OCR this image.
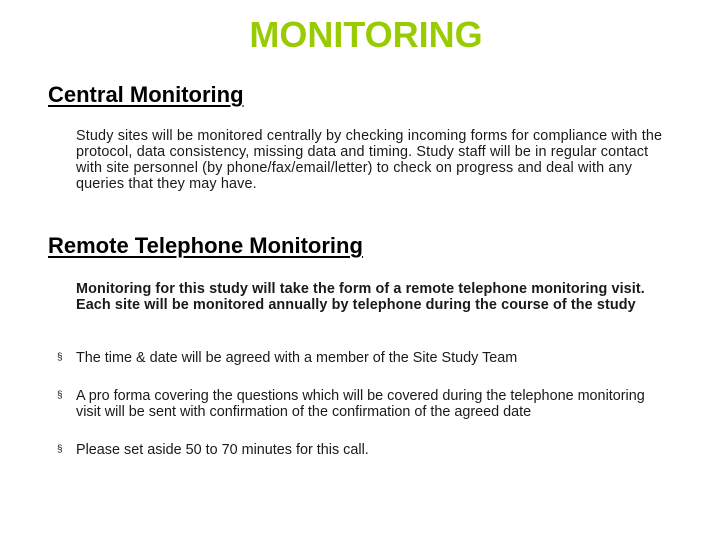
MONITORING
Central Monitoring

Study sites will be monitored centrally by checking incoming forms for compliance with the protocol, data consistency, missing data and timing. Study staff will be in regular contact with site personnel (by phone/fax/email/letter) to check on progress and deal with any queries that they may have.

Remote Telephone Monitoring

Monitoring for this study will take the form of a remote telephone monitoring visit. Each site will be monitored annually by telephone during the course of the study

§ The time & date will be agreed with a member of the Site Study Team
§ A pro forma covering the questions which will be covered during the telephone monitoring visit will be sent with confirmation of the confirmation of the agreed date
§ Please set aside 50 to 70 minutes for this call.
